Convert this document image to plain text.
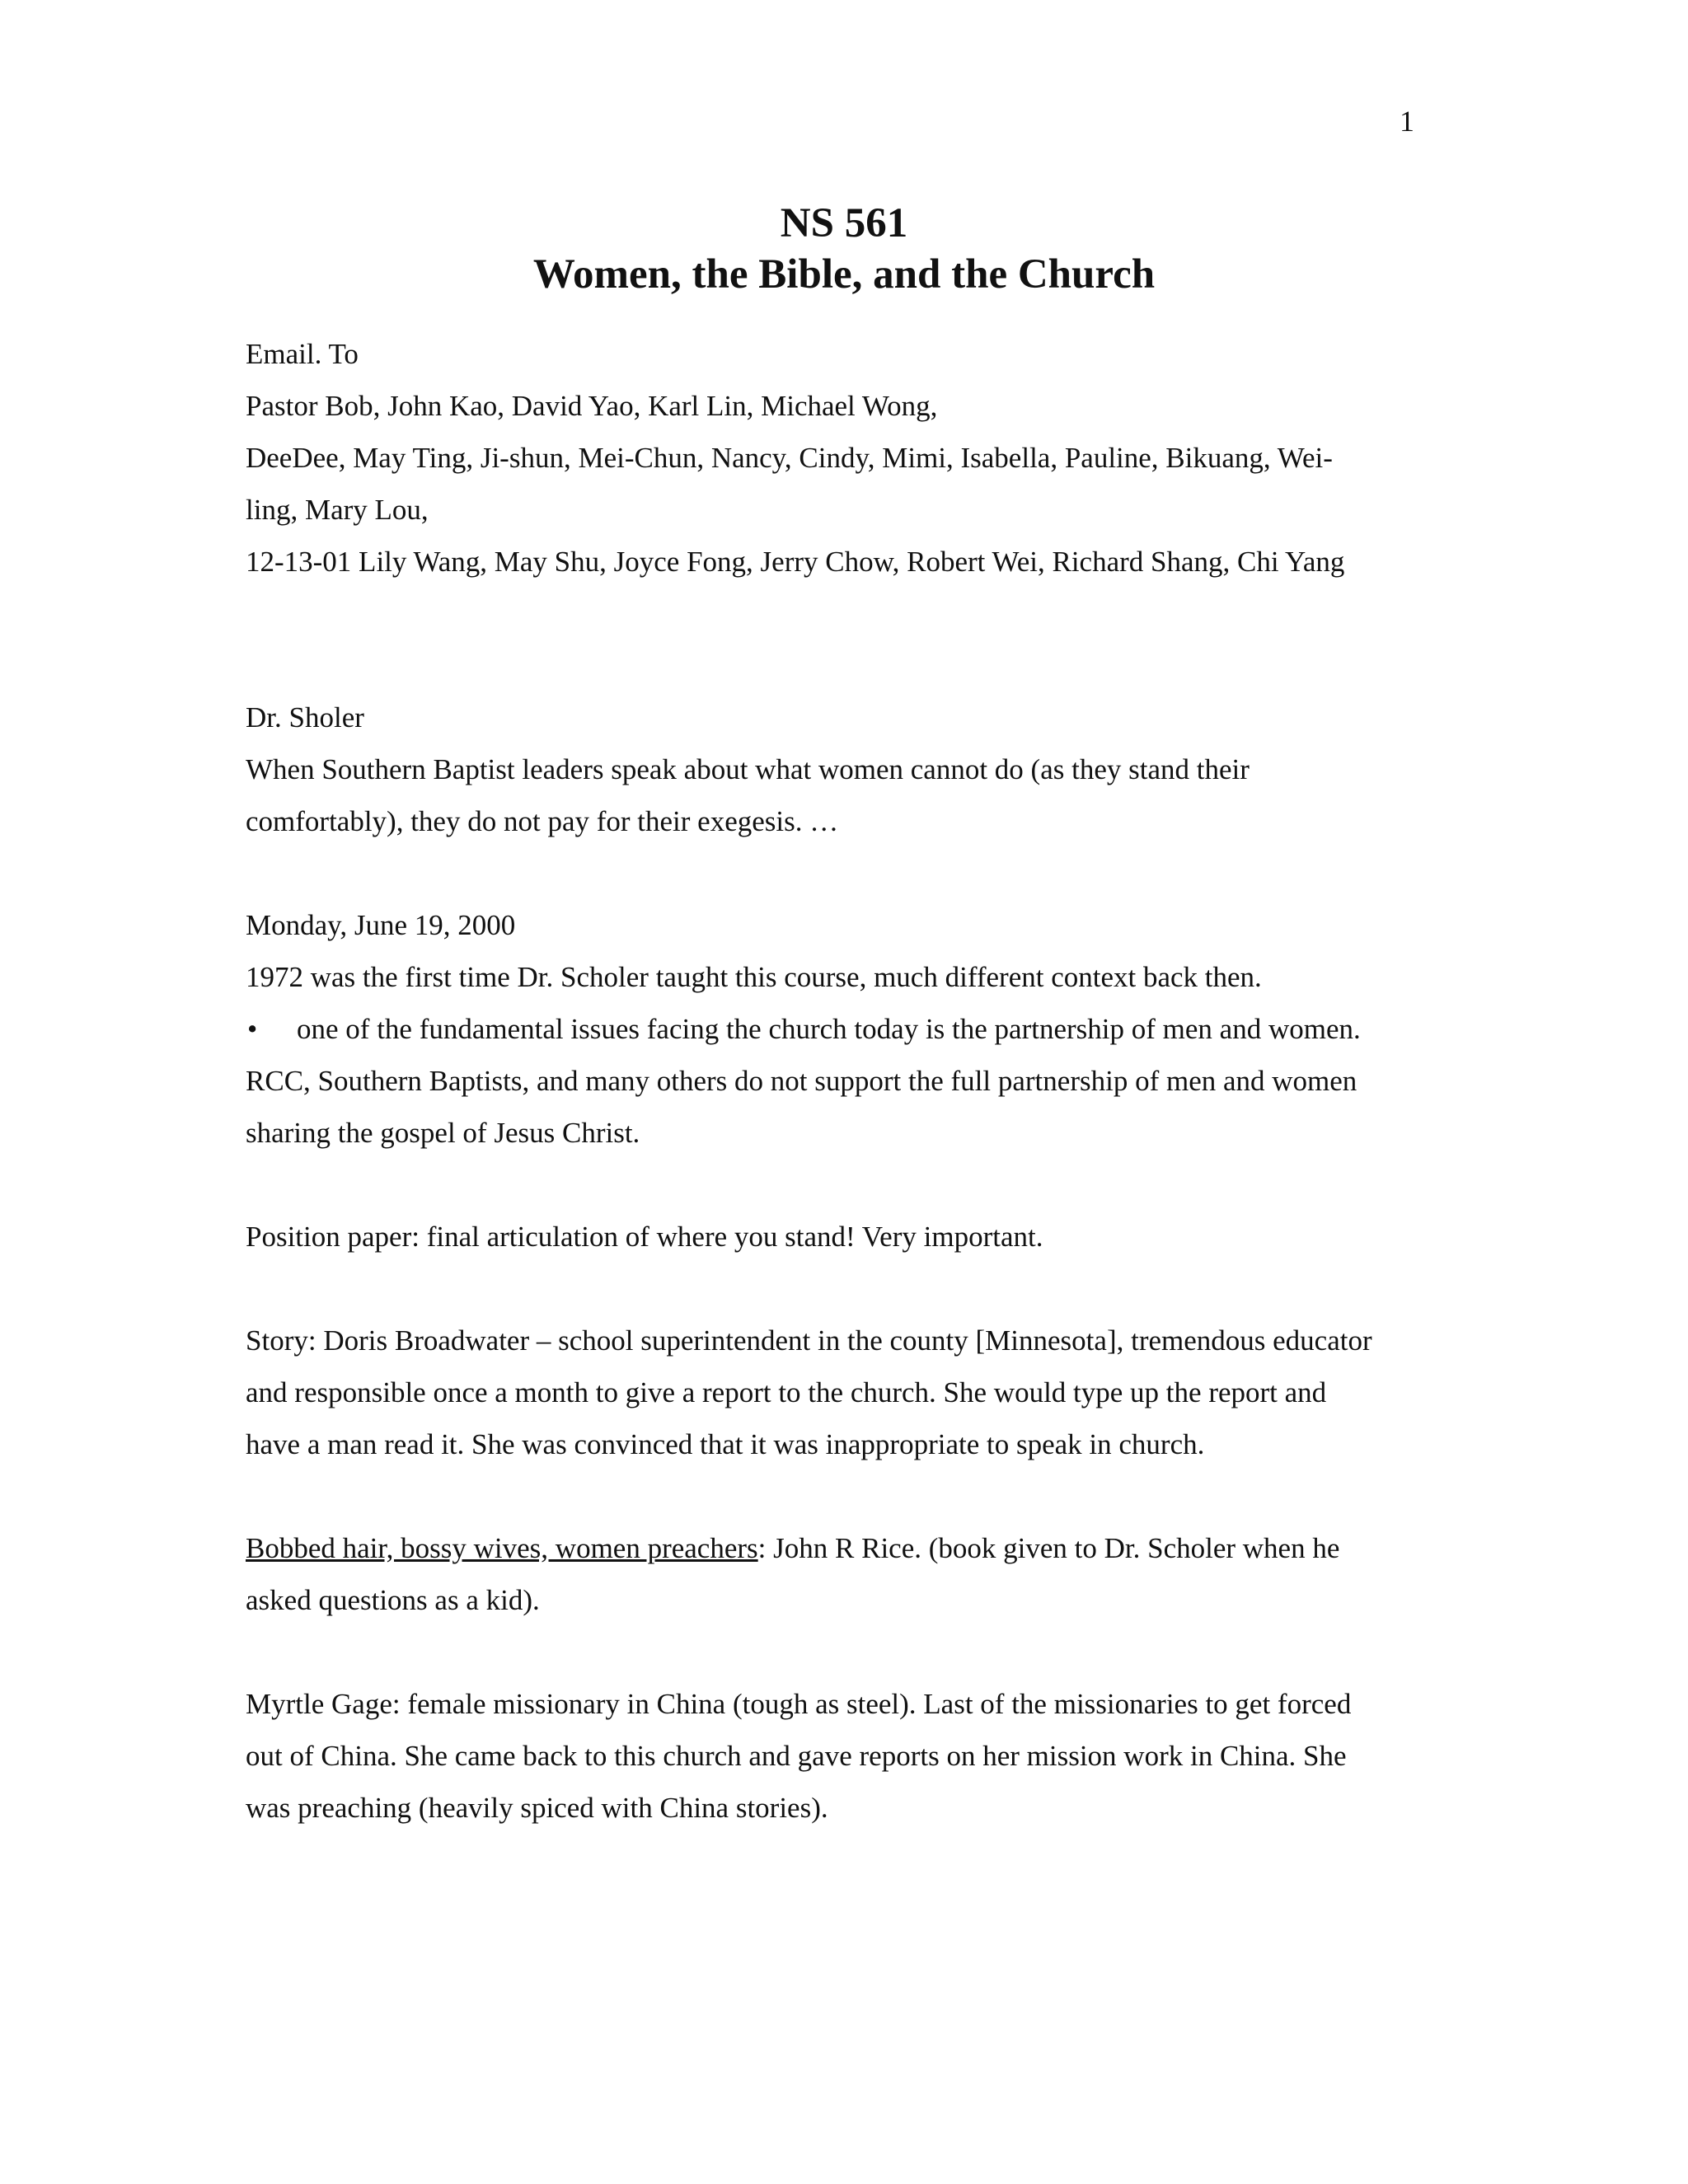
1
NS 561
Women, the Bible, and the Church
Email. To
Pastor Bob, John Kao, David Yao, Karl Lin, Michael Wong,
DeeDee, May Ting, Ji-shun, Mei-Chun, Nancy, Cindy, Mimi, Isabella, Pauline, Bikuang, Wei-
ling, Mary Lou,
12-13-01 Lily Wang, May Shu, Joyce Fong, Jerry Chow, Robert Wei, Richard Shang, Chi Yang
Dr. Sholer
When Southern Baptist leaders speak about what women cannot do (as they stand their
comfortably), they do not pay for their exegesis. …
Monday, June 19, 2000
1972 was the first time Dr. Scholer taught this course, much different context back then.
•	one of the fundamental issues facing the church today is the partnership of men and women.
RCC, Southern Baptists, and many others do not support the full partnership of men and women
sharing the gospel of Jesus Christ.
Position paper: final articulation of where you stand! Very important.
Story: Doris Broadwater – school superintendent in the county [Minnesota], tremendous educator
and responsible once a month to give a report to the church. She would type up the report and
have a man read it. She was convinced that it was inappropriate to speak in church.
Bobbed hair, bossy wives, women preachers: John R Rice. (book given to Dr. Scholer when he
asked questions as a kid).
Myrtle Gage: female missionary in China (tough as steel). Last of the missionaries to get forced
out of China. She came back to this church and gave reports on her mission work in China. She
was preaching (heavily spiced with China stories).
